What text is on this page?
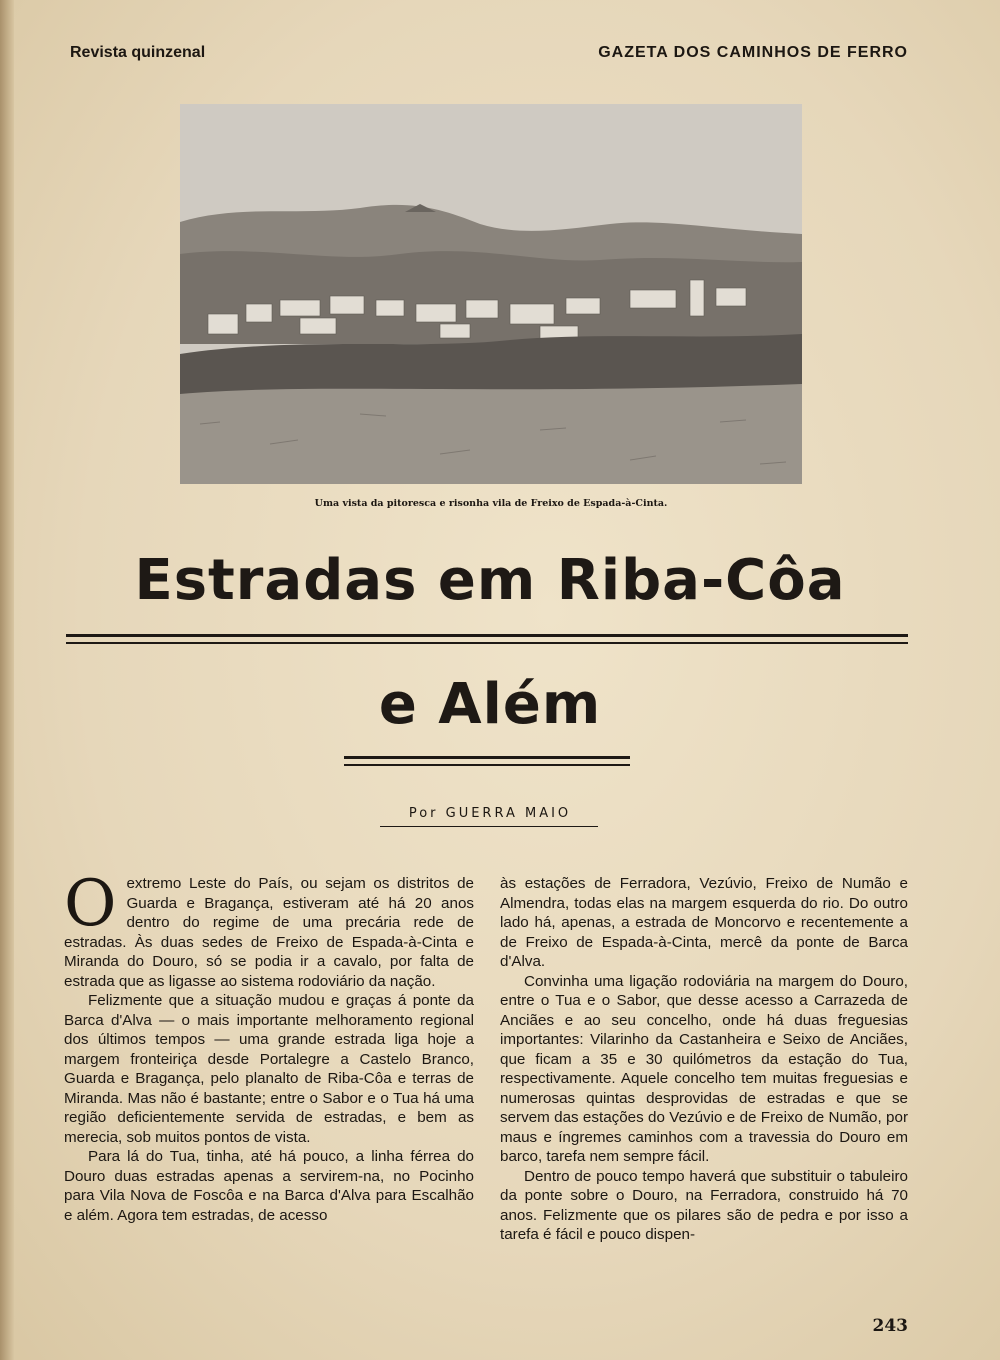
Revista quinzenal	GAZETA DOS CAMINHOS DE FERRO
Uma vista da pitoresca e risonha vila de Freixo de Espada-à-Cinta.
Estradas em Riba-Côa
e Além
Por GUERRA MAIO

O extremo Leste do País, ou sejam os distritos de Guarda e Bragança, estiveram até há 20 anos dentro do regime de uma precária rede de estradas. Às duas sedes de Freixo de Espada-à-Cinta e Miranda do Douro, só se podia ir a cavalo, por falta de estrada que as ligasse ao sistema rodoviário da nação.

Felizmente que a situação mudou e graças á ponte da Barca d'Alva — o mais importante melhoramento regional dos últimos tempos — uma grande estrada liga hoje a margem fronteiriça desde Portalegre a Castelo Branco, Guarda e Bragança, pelo planalto de Riba-Côa e terras de Miranda. Mas não é bastante; entre o Sabor e o Tua há uma região deficientemente servida de estradas, e bem as merecia, sob muitos pontos de vista.

Para lá do Tua, tinha, até há pouco, a linha férrea do Douro duas estradas apenas a servirem-na, no Pocinho para Vila Nova de Foscôa e na Barca d'Alva para Escalhão e além. Agora tem estradas, de acesso

às estações de Ferradora, Vezúvio, Freixo de Numão e Almendra, todas elas na margem esquerda do rio. Do outro lado há, apenas, a estrada de Moncorvo e recentemente a de Freixo de Espada-à-Cinta, mercê da ponte de Barca d'Alva.

Convinha uma ligação rodoviária na margem do Douro, entre o Tua e o Sabor, que desse acesso a Carrazeda de Anciães e ao seu concelho, onde há duas freguesias importantes: Vilarinho da Castanheira e Seixo de Anciães, que ficam a 35 e 30 quilómetros da estação do Tua, respectivamente. Aquele concelho tem muitas freguesias e numerosas quintas desprovidas de estradas e que se servem das estações do Vezúvio e de Freixo de Numão, por maus e íngremes caminhos com a travessia do Douro em barco, tarefa nem sempre fácil.

Dentro de pouco tempo haverá que substituir o tabuleiro da ponte sobre o Douro, na Ferradora, construido há 70 anos. Felizmente que os pilares são de pedra e por isso a tarefa é fácil e pouco dispen-

243
